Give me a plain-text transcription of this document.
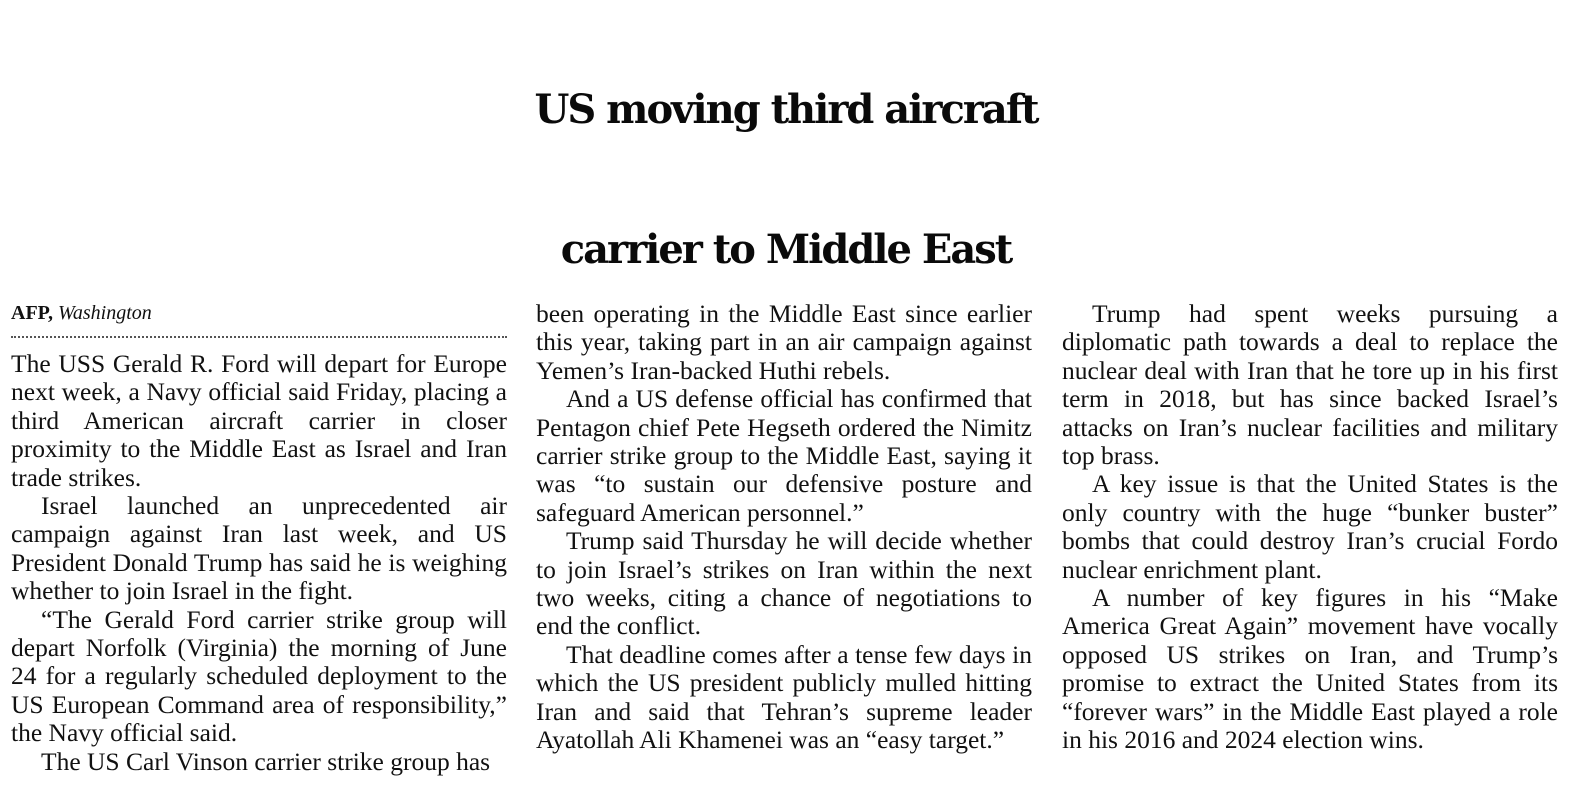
US moving third aircraft
carrier to Middle East
AFP, Washington

The USS Gerald R. Ford will depart for Europe next week, a Navy official said Friday, placing a third American aircraft carrier in closer proximity to the Middle East as Israel and Iran trade strikes.

Israel launched an unprecedented air campaign against Iran last week, and US President Donald Trump has said he is weighing whether to join Israel in the fight.

“The Gerald Ford carrier strike group will depart Norfolk (Virginia) the morning of June 24 for a regularly scheduled deployment to the US European Command area of responsibility,” the Navy official said.

The US Carl Vinson carrier strike group has

been operating in the Middle East since earlier this year, taking part in an air campaign against Yemen’s Iran-backed Huthi rebels.

And a US defense official has confirmed that Pentagon chief Pete Hegseth ordered the Nimitz carrier strike group to the Middle East, saying it was “to sustain our defensive posture and safeguard American personnel.”

Trump said Thursday he will decide whether to join Israel’s strikes on Iran within the next two weeks, citing a chance of negotiations to end the conflict.

That deadline comes after a tense few days in which the US president publicly mulled hitting Iran and said that Tehran’s supreme leader Ayatollah Ali Khamenei was an “easy target.”

Trump had spent weeks pursuing a diplomatic path towards a deal to replace the nuclear deal with Iran that he tore up in his first term in 2018, but has since backed Israel’s attacks on Iran’s nuclear facilities and military top brass.

A key issue is that the United States is the only country with the huge “bunker buster” bombs that could destroy Iran’s crucial Fordo nuclear enrichment plant.

A number of key figures in his “Make America Great Again” movement have vocally opposed US strikes on Iran, and Trump’s promise to extract the United States from its “forever wars” in the Middle East played a role in his 2016 and 2024 election wins.
